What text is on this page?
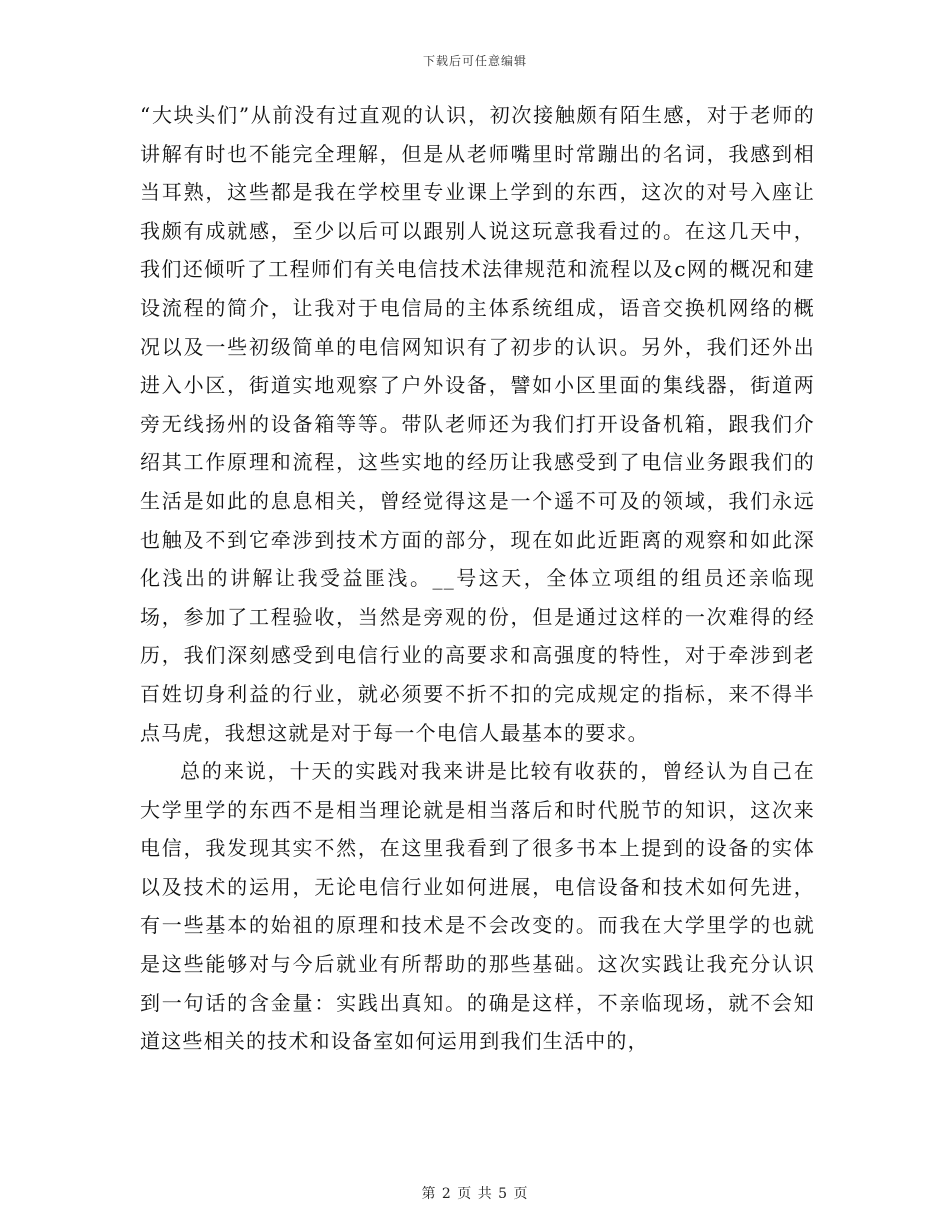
下载后可任意编辑

“大块头们”从前没有过直观的认识，初次接触颇有陌生感，对于老师的讲解有时也不能完全理解，但是从老师嘴里时常蹦出的名词，我感到相当耳熟，这些都是我在学校里专业课上学到的东西，这次的对号入座让我颇有成就感，至少以后可以跟别人说这玩意我看过的。在这几天中，我们还倾听了工程师们有关电信技术法律规范和流程以及c网的概况和建设流程的简介，让我对于电信局的主体系统组成，语音交换机网络的概况以及一些初级简单的电信网知识有了初步的认识。另外，我们还外出进入小区，街道实地观察了户外设备，譬如小区里面的集线器，街道两旁无线扬州的设备箱等等。带队老师还为我们打开设备机箱，跟我们介绍其工作原理和流程，这些实地的经历让我感受到了电信业务跟我们的生活是如此的息息相关，曾经觉得这是一个遥不可及的领域，我们永远也触及不到它牵涉到技术方面的部分，现在如此近距离的观察和如此深化浅出的讲解让我受益匪浅。__号这天，全体立项组的组员还亲临现场，参加了工程验收，当然是旁观的份，但是通过这样的一次难得的经历，我们深刻感受到电信行业的高要求和高强度的特性，对于牵涉到老百姓切身利益的行业，就必须要不折不扣的完成规定的指标，来不得半点马虎，我想这就是对于每一个电信人最基本的要求。

总的来说，十天的实践对我来讲是比较有收获的，曾经认为自己在大学里学的东西不是相当理论就是相当落后和时代脱节的知识，这次来电信，我发现其实不然，在这里我看到了很多书本上提到的设备的实体以及技术的运用，无论电信行业如何进展，电信设备和技术如何先进，有一些基本的始祖的原理和技术是不会改变的。而我在大学里学的也就是这些能够对与今后就业有所帮助的那些基础。这次实践让我充分认识到一句话的含金量：实践出真知。的确是这样，不亲临现场，就不会知道这些相关的技术和设备室如何运用到我们生活中的，

第 2 页 共 5 页
